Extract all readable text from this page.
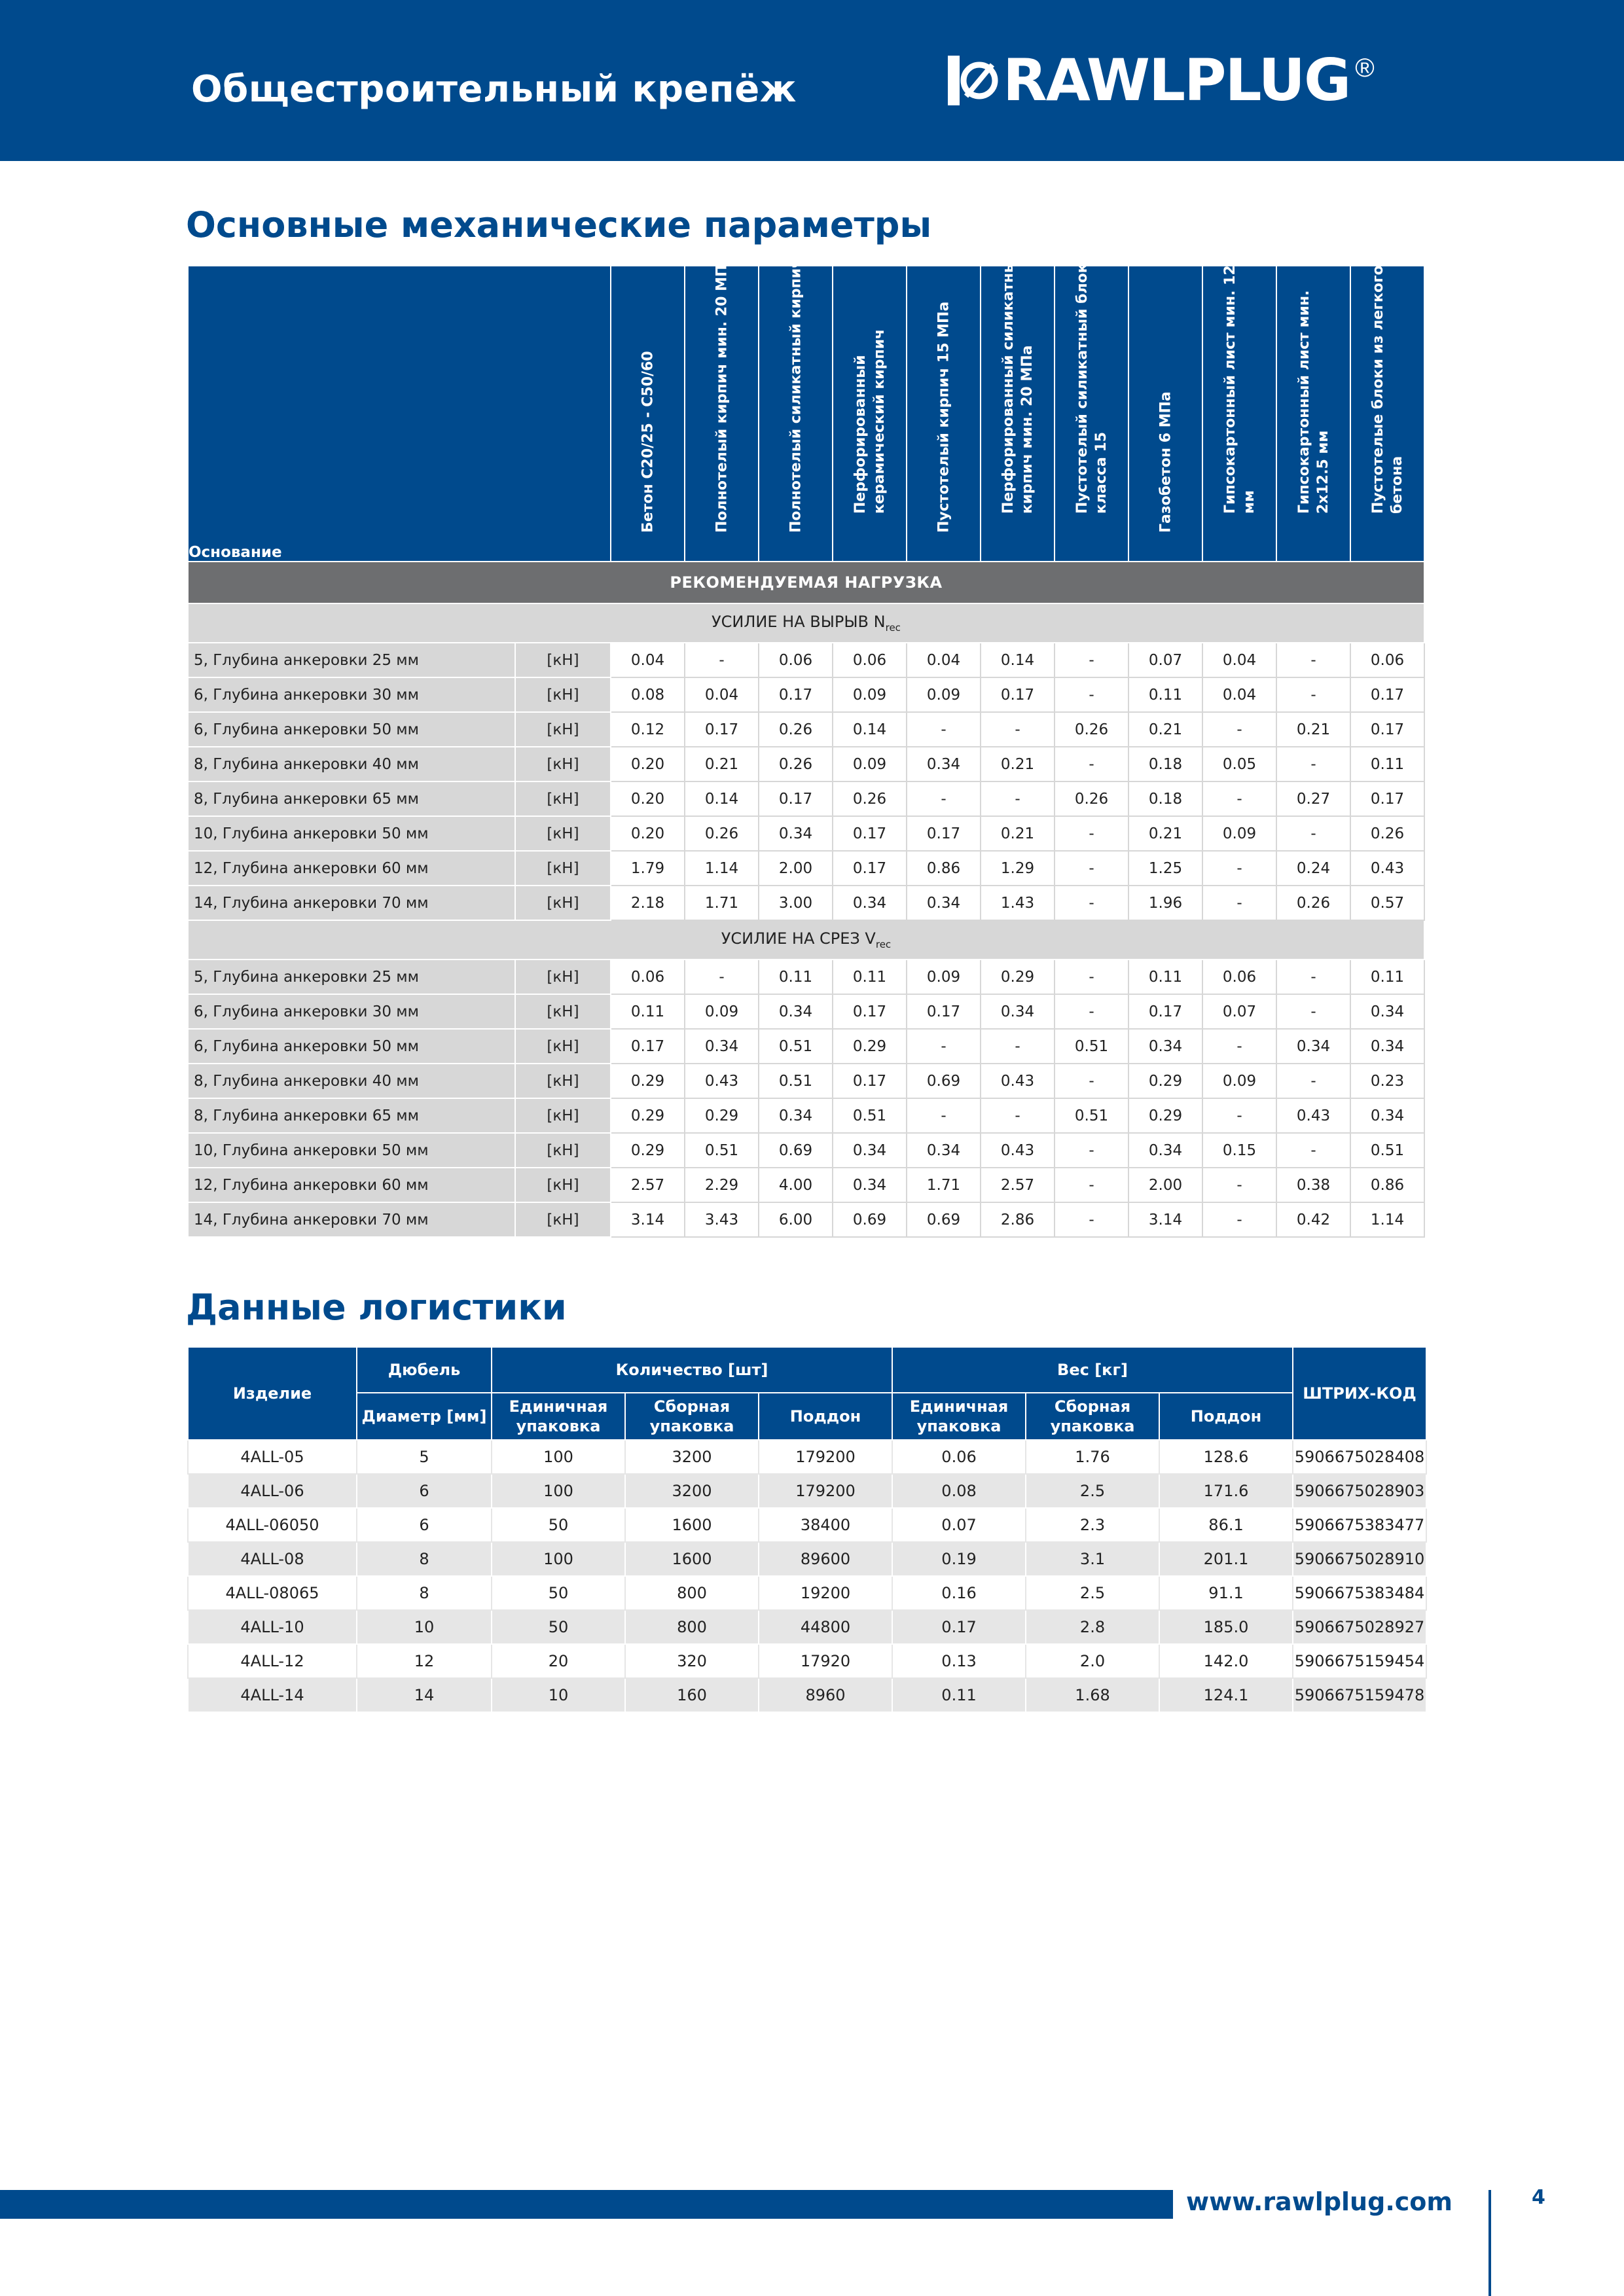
Общестроительный крепёж	RAWLPLUG ®
Основные механические параметры
Основание		Бетон C20/25 - C50/60	Полнотелый кирпич мин. 20 МПа	Полнотелый силикатный кирпич	Перфорированный керамический кирпич	Пустотелый кирпич 15 МПа	Перфорированный силикатный кирпич мин. 20 МПа	Пустотелый силикатный блок класса 15	Газобетон 6 МПа	Гипсокартонный лист мин. 12,5 мм	Гипсокартонный лист мин. 2x12.5 мм	Пустотелые блоки из легкого бетона

РЕКОМЕНДУЕМАЯ НАГРУЗКА												
УСИЛИЕ НА ВЫРЫВ $N_{rec}$
5, Глубина анкеровки 25 мм	[кН]	0.04	-	0.06	0.06	0.04	0.14	-	0.07	0.04	-	0.06
6, Глубина анкеровки 30 мм	[кН]	0.08	0.04	0.17	0.09	0.09	0.17	-	0.11	0.04	-	0.17
6, Глубина анкеровки 50 мм	[кН]	0.12	0.17	0.26	0.14	-	-	0.26	0.21	-	0.21	0.17
8, Глубина анкеровки 40 мм	[кН]	0.20	0.21	0.26	0.09	0.34	0.21	-	0.18	0.05	-	0.11
8, Глубина анкеровки 65 мм	[кН]	0.20	0.14	0.17	0.26	-	-	0.26	0.18	-	0.27	0.17
10, Глубина анкеровки 50 мм	[кН]	0.20	0.26	0.34	0.17	0.17	0.21	-	0.21	0.09	-	0.26
12, Глубина анкеровки 60 мм	[кН]	1.79	1.14	2.00	0.17	0.86	1.29	-	1.25	-	0.24	0.43
14, Глубина анкеровки 70 мм	[кН]	2.18	1.71	3.00	0.34	0.34	1.43	-	1.96	-	0.26	0.57
УСИЛИЕ НА СРЕЗ $V_{rec}$
5, Глубина анкеровки 25 мм	[кН]	0.06	-	0.11	0.11	0.09	0.29	-	0.11	0.06	-	0.11
6, Глубина анкеровки 30 мм	[кН]	0.11	0.09	0.34	0.17	0.17	0.34	-	0.17	0.07	-	0.34
6, Глубина анкеровки 50 мм	[кН]	0.17	0.34	0.51	0.29	-	-	0.51	0.34	-	0.34	0.34
8, Глубина анкеровки 40 мм	[кН]	0.29	0.43	0.51	0.17	0.69	0.43	-	0.29	0.09	-	0.23
8, Глубина анкеровки 65 мм	[кН]	0.29	0.29	0.34	0.51	-	-	0.51	0.29	-	0.43	0.34
10, Глубина анкеровки 50 мм	[кН]	0.29	0.51	0.69	0.34	0.34	0.43	-	0.34	0.15	-	0.51
12, Глубина анкеровки 60 мм	[кН]	2.57	2.29	4.00	0.34	1.71	2.57	-	2.00	-	0.38	0.86
14, Глубина анкеровки 70 мм	[кН]	3.14	3.43	6.00	0.69	0.69	2.86	-	3.14	-	0.42	1.14
Данные логистики
Изделие	Дюбель	Количество [шт]			Вес [кг]			ШТРИХ-КОД
	Диаметр [мм]	Единичная упаковка	Сборная упаковка	Поддон	Единичная упаковка	Сборная упаковка	Поддон	
4ALL-05	5	100	3200	179200	0.06	1.76	128.6	5906675028408
4ALL-06	6	100	3200	179200	0.08	2.5	171.6	5906675028903
4ALL-06050	6	50	1600	38400	0.07	2.3	86.1	5906675383477
4ALL-08	8	100	1600	89600	0.19	3.1	201.1	5906675028910
4ALL-08065	8	50	800	19200	0.16	2.5	91.1	5906675383484
4ALL-10	10	50	800	44800	0.17	2.8	185.0	5906675028927
4ALL-12	12	20	320	17920	0.13	2.0	142.0	5906675159454
4ALL-14	14	10	160	8960	0.11	1.68	124.1	5906675159478
www.rawlplug.com	4
